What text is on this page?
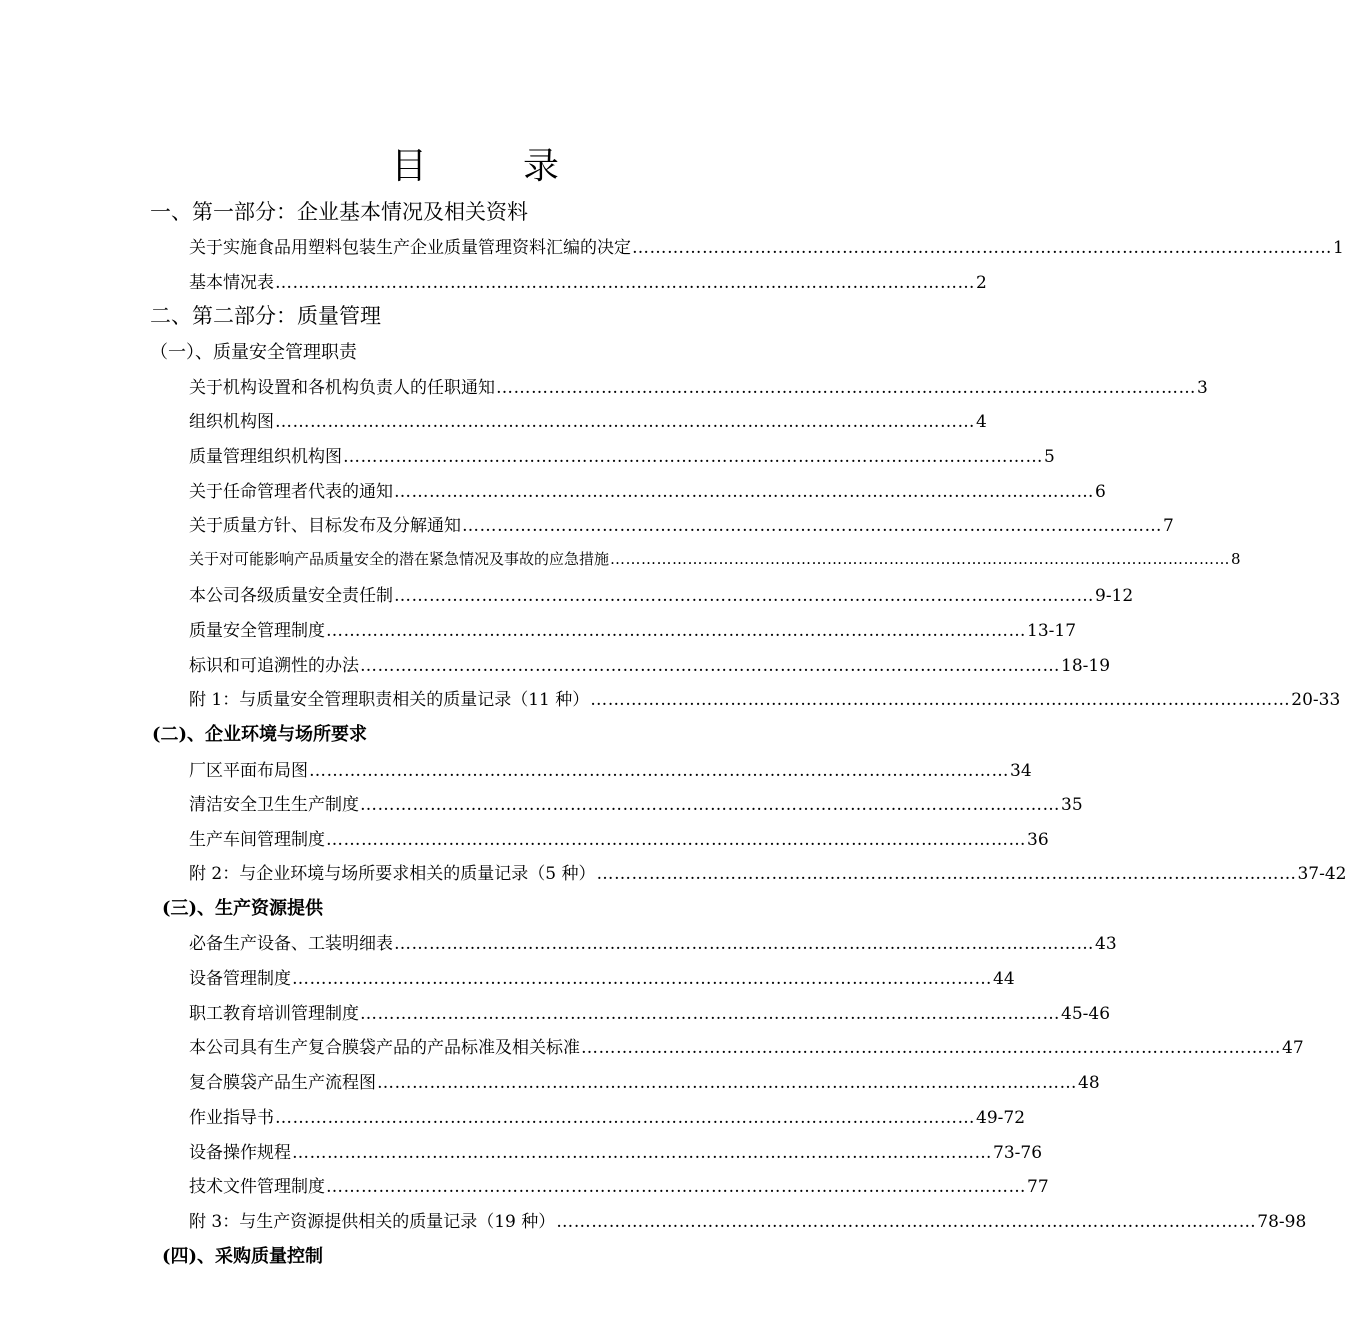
目	录
一、第一部分：企业基本情况及相关资料
关于实施食品用塑料包装生产企业质量管理资料汇编的决定 ………………………………………………………………………………………………………… 1
基本情况表 ………………………………………………………………………………………………………… 2
二、第二部分：质量管理
（一）、质量安全管理职责
关于机构设置和各机构负责人的任职通知 ………………………………………………………………………………………………………… 3
组织机构图 ………………………………………………………………………………………………………… 4
质量管理组织机构图 ………………………………………………………………………………………………………… 5
关于任命管理者代表的通知 ………………………………………………………………………………………………………… 6
关于质量方针、目标发布及分解通知 ………………………………………………………………………………………………………… 7
关于对可能影响产品质量安全的潜在紧急情况及事故的应急措施 ………………………………………………………………………………………………………… 8
本公司各级质量安全责任制 ………………………………………………………………………………………………………… 9-12
质量安全管理制度 ………………………………………………………………………………………………………… 13-17
标识和可追溯性的办法 ………………………………………………………………………………………………………… 18-19
附 1：与质量安全管理职责相关的质量记录（11 种） ………………………………………………………………………………………………………… 20-33
(二)、企业环境与场所要求
厂区平面布局图 ………………………………………………………………………………………………………… 34
清洁安全卫生生产制度 ………………………………………………………………………………………………………… 35
生产车间管理制度 ………………………………………………………………………………………………………… 36
附 2：与企业环境与场所要求相关的质量记录（5 种） ………………………………………………………………………………………………………… 37-42
(三)、生产资源提供
必备生产设备、工装明细表 ………………………………………………………………………………………………………… 43
设备管理制度 ………………………………………………………………………………………………………… 44
职工教育培训管理制度 ………………………………………………………………………………………………………… 45-46
本公司具有生产复合膜袋产品的产品标准及相关标准 ………………………………………………………………………………………………………… 47
复合膜袋产品生产流程图 ………………………………………………………………………………………………………… 48
作业指导书 ………………………………………………………………………………………………………… 49-72
设备操作规程 ………………………………………………………………………………………………………… 73-76
技术文件管理制度 ………………………………………………………………………………………………………… 77
附 3：与生产资源提供相关的质量记录（19 种） ………………………………………………………………………………………………………… 78-98
(四)、采购质量控制
